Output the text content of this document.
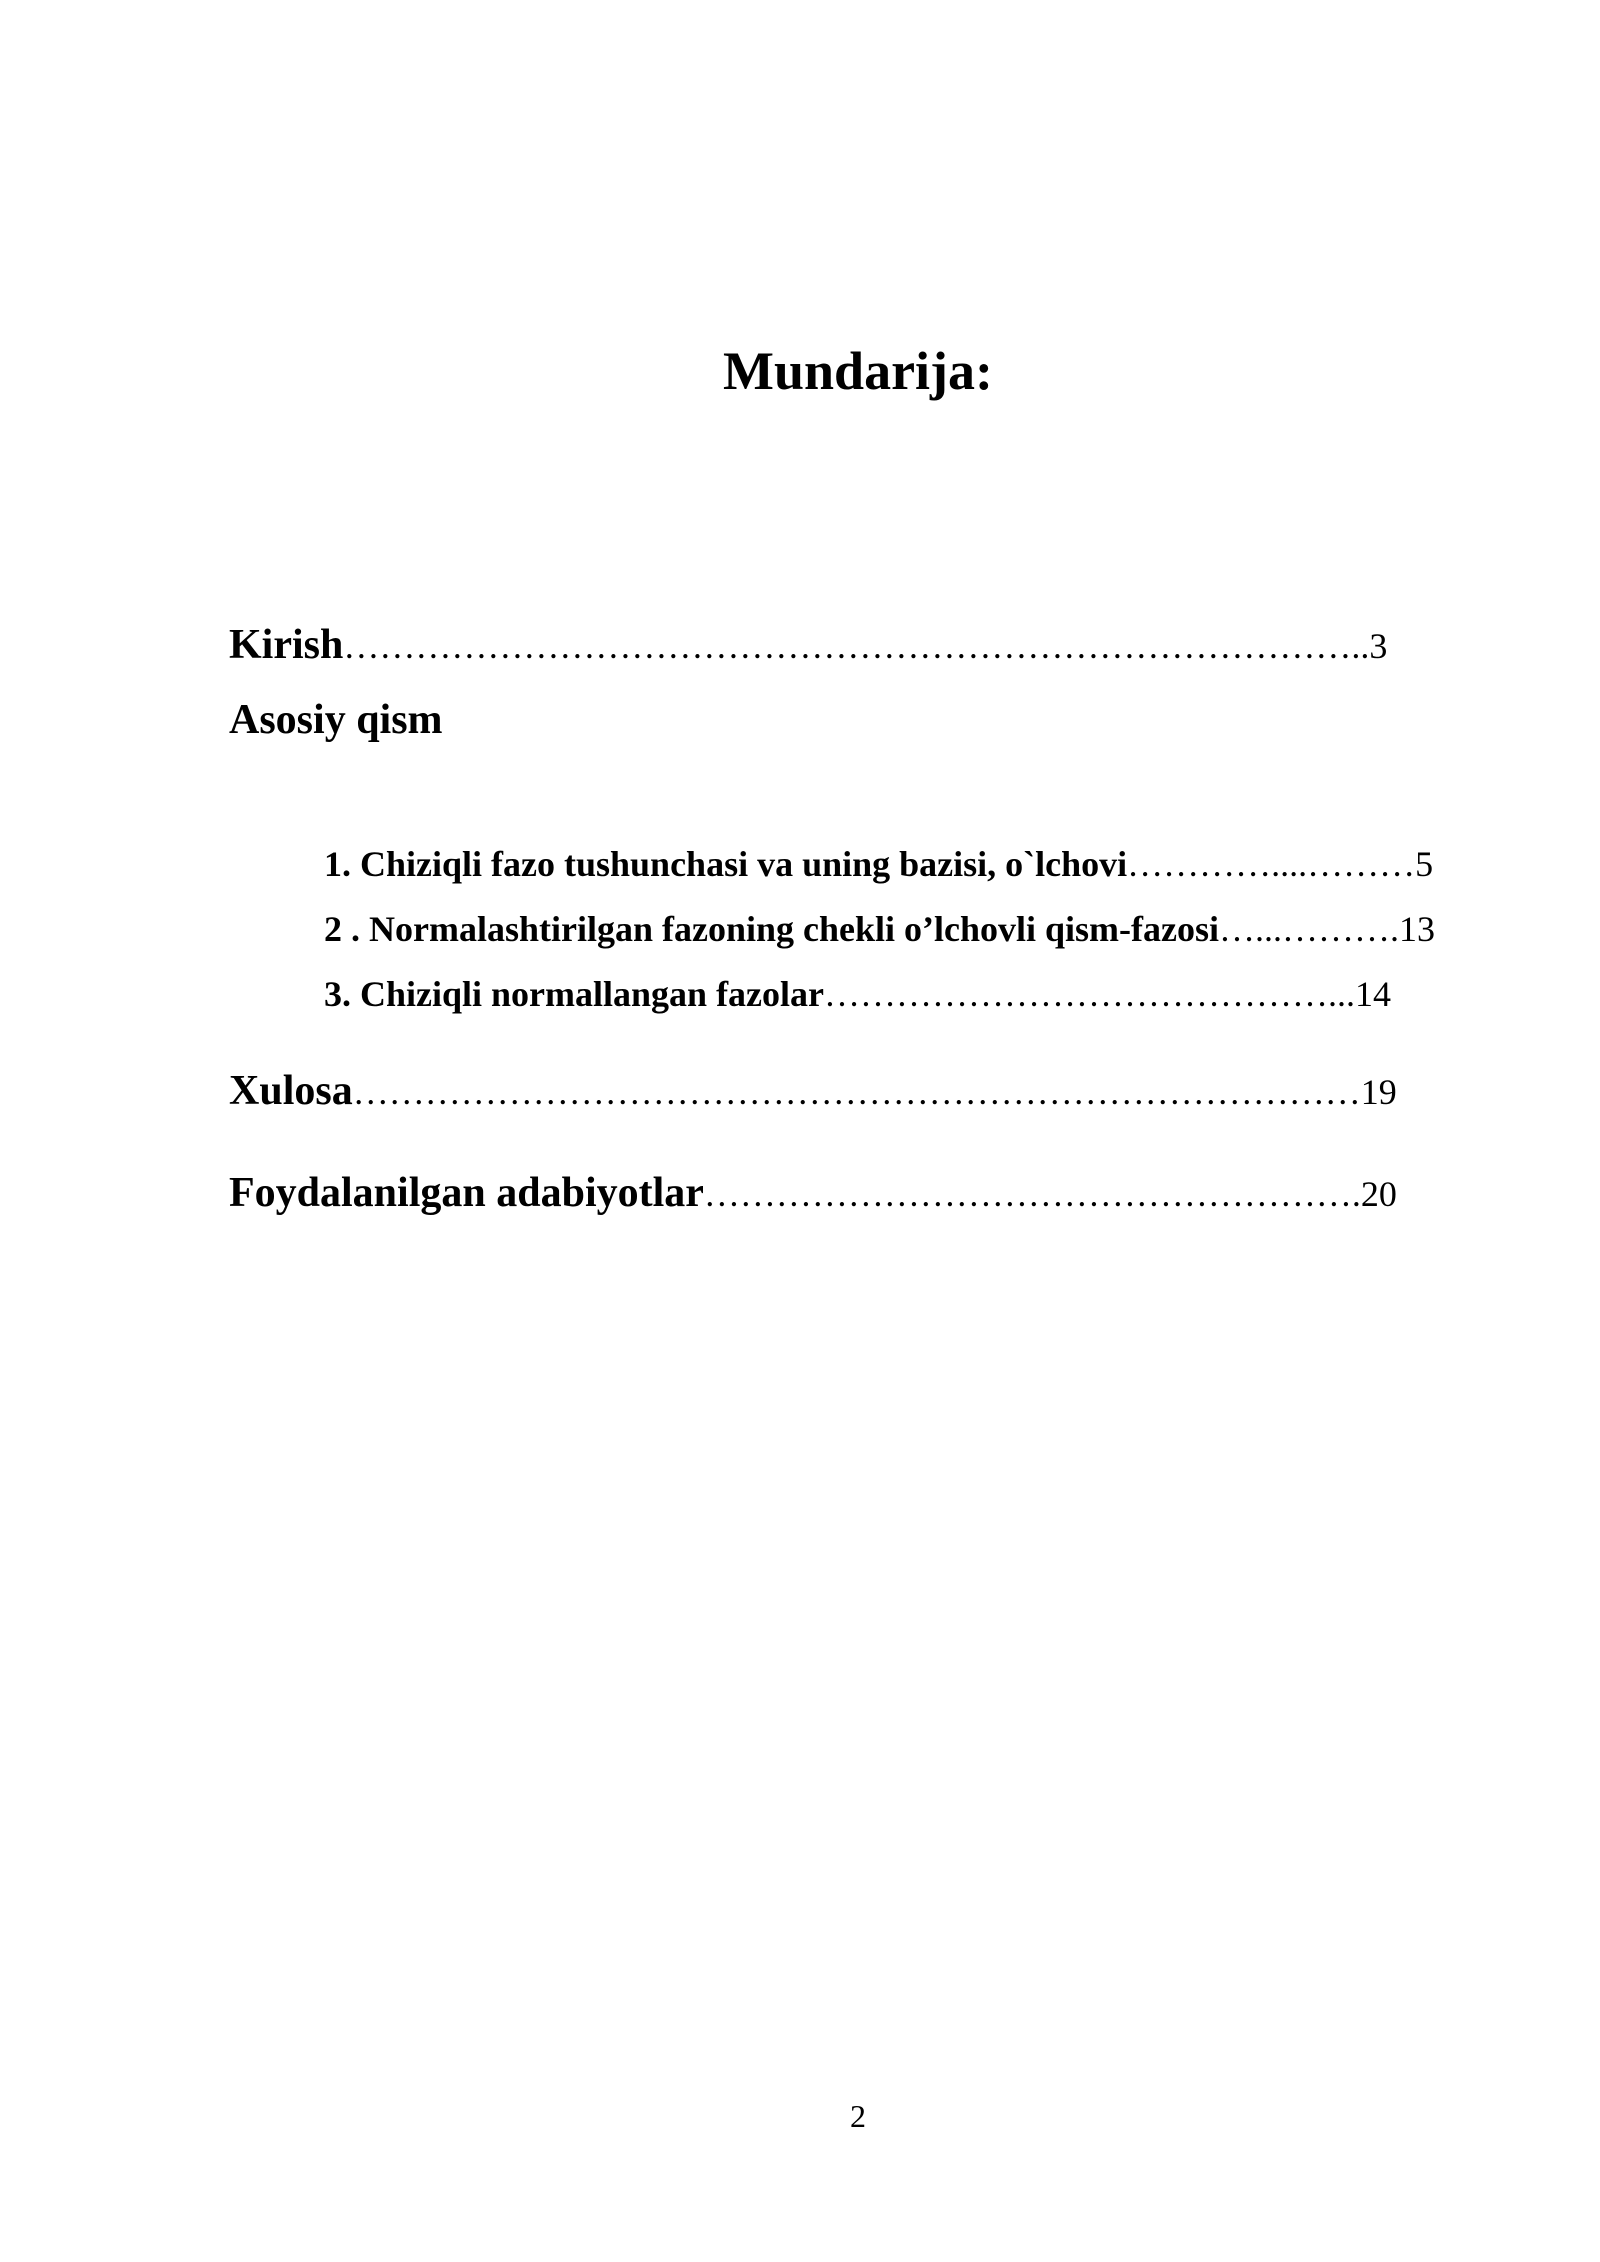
Mundarija:
Kirish…………………………………………………………………………..3
Asosiy qism
1. Chiziqli fazo tushunchasi va uning bazisi, o`lchovi…………....………5
2 . Normalashtirilgan fazoning chekli o’lchovli qism-fazosi…...……….13
3. Chiziqli normallangan fazolar……………………………………...14
Xulosa…………………………………………………………………………19
Foydalanilgan adabiyotlar……………………………………………….20
2
